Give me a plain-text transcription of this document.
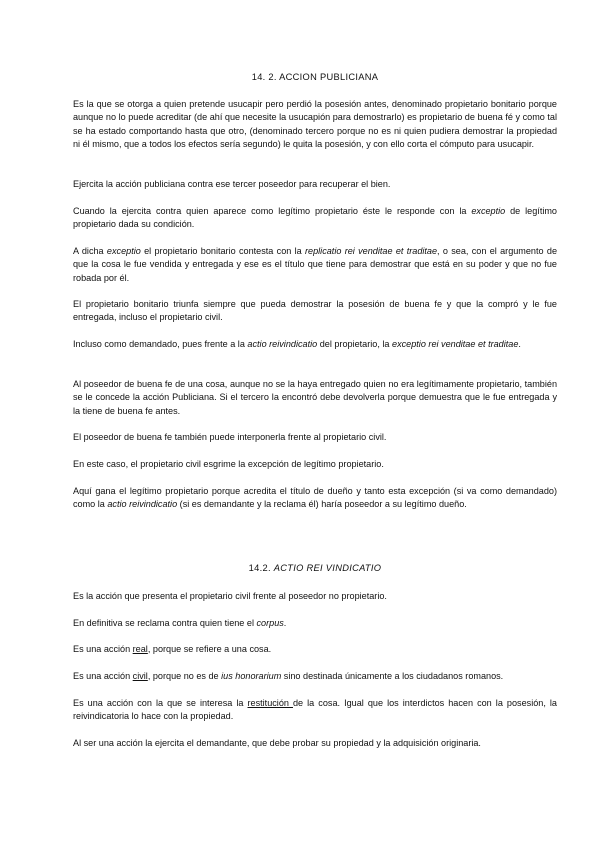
14. 2. ACCION PUBLICIANA

Es la que se otorga a quien pretende usucapir pero perdió la posesión antes, denominado propietario bonitario porque aunque no lo puede acreditar (de ahí que necesite la usucapión para demostrarlo) es propietario de buena fé y como tal se ha estado comportando hasta que otro, (denominado tercero porque no es ni quien pudiera demostrar la propiedad ni él mismo, que a todos los efectos sería segundo) le quita la posesión, y con ello corta el cómputo para usucapir.

Ejercita la acción publiciana contra ese tercer poseedor para recuperar el bien.

Cuando la ejercita contra quien aparece como legítimo propietario éste le responde con la exceptio de legítimo propietario dada su condición.

A dicha exceptio el propietario bonitario contesta con la replicatio rei venditae et traditae, o sea, con el argumento de que la cosa le fue vendida y entregada y ese es el título que tiene para demostrar que está en su poder y que no fue robada por él.

El propietario bonitario triunfa siempre que pueda demostrar la posesión de buena fe y que la compró y le fue entregada, incluso el propietario civil.

Incluso como demandado, pues frente a la actio reivindicatio del propietario, la exceptio rei venditae et traditae.

Al poseedor de buena fe de una cosa, aunque no se la haya entregado quien no era legítimamente propietario, también se le concede la acción Publiciana. Si el tercero la encontró debe devolverla porque demuestra que le fue entregada y la tiene de buena fe antes.

El poseedor de buena fe también puede interponerla frente al propietario civil.

En este caso, el propietario civil esgrime la excepción de legítimo propietario.

Aquí gana el legítimo propietario porque acredita el título de dueño y tanto esta excepción (si va como demandado) como la actio reivindicatio (si es demandante y la reclama él) haría poseedor a su legítimo dueño.

14.2. ACTIO REI VINDICATIO

Es la acción que presenta el propietario civil frente al poseedor no propietario.

En definitiva se reclama contra quien tiene el corpus.

Es una acción real, porque se refiere a una cosa.

Es una acción civil, porque no es de ius honorarium sino destinada únicamente a los ciudadanos romanos.

Es una acción con la que se interesa la restitución de la cosa. Igual que los interdictos hacen con la posesión, la reivindicatoria lo hace con la propiedad.

Al ser una acción la ejercita el demandante, que debe probar su propiedad y la adquisición originaria.
